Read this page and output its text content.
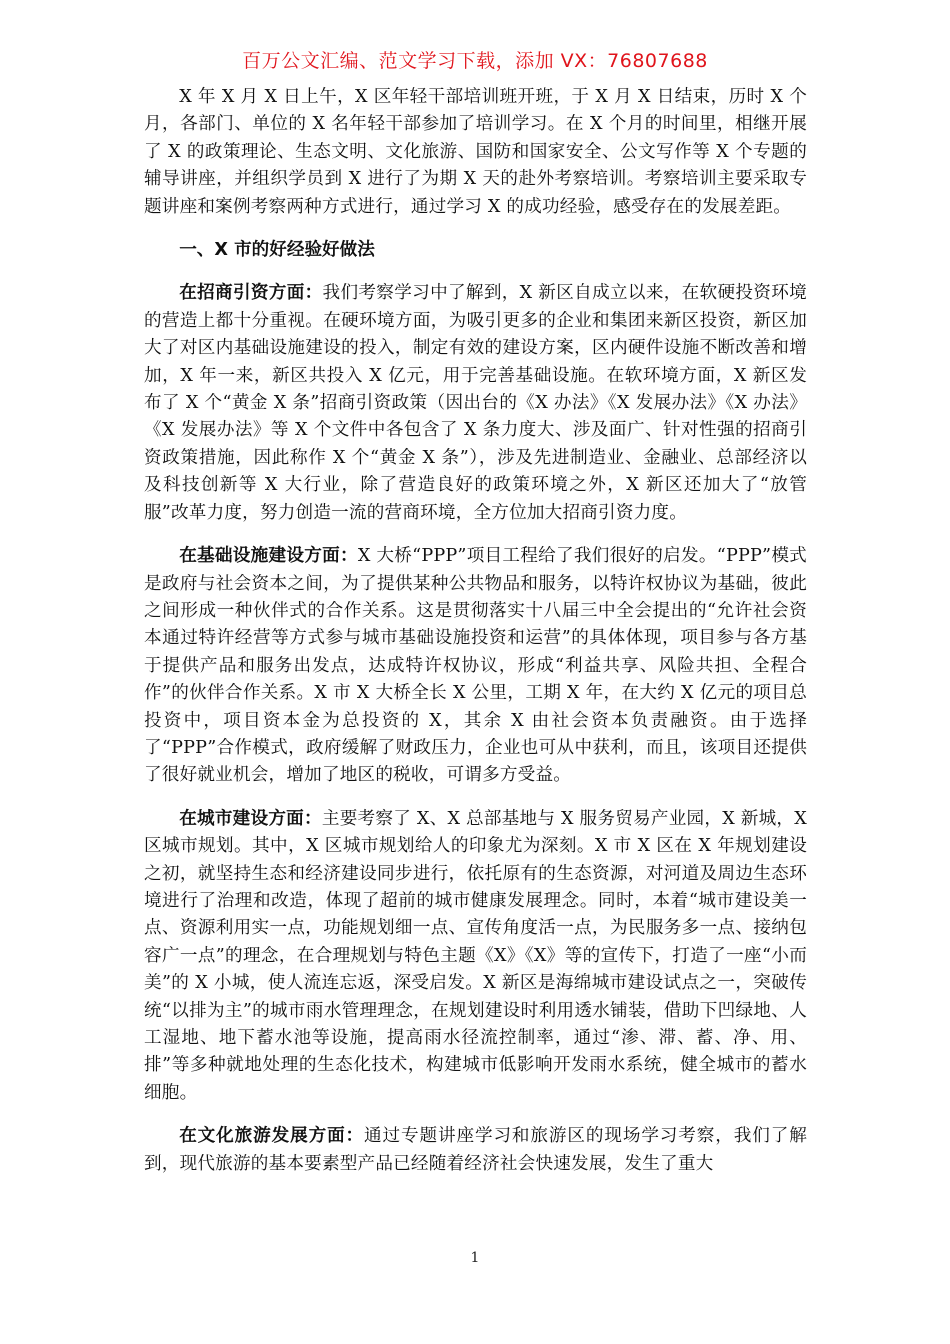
百万公文汇编、范文学习下载，添加 VX：76807688

X 年 X 月 X 日上午，X 区年轻干部培训班开班，于 X 月 X 日结束，历时 X 个月，各部门、单位的 X 名年轻干部参加了培训学习。在 X 个月的时间里，相继开展了 X 的政策理论、生态文明、文化旅游、国防和国家安全、公文写作等 X 个专题的辅导讲座，并组织学员到 X 进行了为期 X 天的赴外考察培训。考察培训主要采取专题讲座和案例考察两种方式进行，通过学习 X 的成功经验，感受存在的发展差距。

一、X 市的好经验好做法

在招商引资方面：我们考察学习中了解到，X 新区自成立以来，在软硬投资环境的营造上都十分重视。在硬环境方面，为吸引更多的企业和集团来新区投资，新区加大了对区内基础设施建设的投入，制定有效的建设方案，区内硬件设施不断改善和增加，X 年一来，新区共投入 X 亿元，用于完善基础设施。在软环境方面，X 新区发布了 X 个“黄金 X 条”招商引资政策（因出台的《X 办法》《X 发展办法》《X 办法》《X 发展办法》等 X 个文件中各包含了 X 条力度大、涉及面广、针对性强的招商引资政策措施，因此称作 X 个“黄金 X 条”），涉及先进制造业、金融业、总部经济以及科技创新等 X 大行业，除了营造良好的政策环境之外，X 新区还加大了“放管服”改革力度，努力创造一流的营商环境，全方位加大招商引资力度。

在基础设施建设方面：X 大桥“PPP”项目工程给了我们很好的启发。“PPP”模式是政府与社会资本之间，为了提供某种公共物品和服务，以特许权协议为基础，彼此之间形成一种伙伴式的合作关系。这是贯彻落实十八届三中全会提出的“允许社会资本通过特许经营等方式参与城市基础设施投资和运营”的具体体现，项目参与各方基于提供产品和服务出发点，达成特许权协议，形成“利益共享、风险共担、全程合作”的伙伴合作关系。X 市 X 大桥全长 X 公里，工期 X 年，在大约 X 亿元的项目总投资中，项目资本金为总投资的 X，其余 X 由社会资本负责融资。由于选择了“PPP”合作模式，政府缓解了财政压力，企业也可从中获利，而且，该项目还提供了很好就业机会，增加了地区的税收，可谓多方受益。

在城市建设方面：主要考察了 X、X 总部基地与 X 服务贸易产业园，X 新城，X 区城市规划。其中，X 区城市规划给人的印象尤为深刻。X 市 X 区在 X 年规划建设之初，就坚持生态和经济建设同步进行，依托原有的生态资源，对河道及周边生态环境进行了治理和改造，体现了超前的城市健康发展理念。同时，本着“城市建设美一点、资源利用实一点，功能规划细一点、宣传角度活一点，为民服务多一点、接纳包容广一点”的理念，在合理规划与特色主题《X》《X》等的宣传下，打造了一座“小而美”的 X 小城，使人流连忘返，深受启发。X 新区是海绵城市建设试点之一，突破传统“以排为主”的城市雨水管理理念，在规划建设时利用透水铺装，借助下凹绿地、人工湿地、地下蓄水池等设施，提高雨水径流控制率，通过“渗、滞、蓄、净、用、排”等多种就地处理的生态化技术，构建城市低影响开发雨水系统，健全城市的蓄水细胞。

在文化旅游发展方面：通过专题讲座学习和旅游区的现场学习考察，我们了解到，现代旅游的基本要素型产品已经随着经济社会快速发展，发生了重大

1
